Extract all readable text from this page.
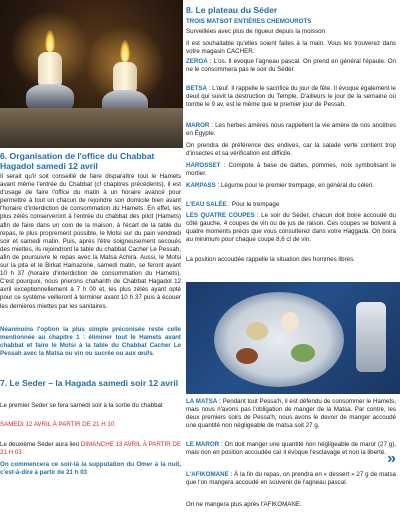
6. Organisation de l'office du Chabbat Hagadol samedi 12 avril

Il serait qu'il soit conseillé de faire disparaître tout le Hamets avant même l'entrée du Chabbat (cf chapitres précédents), il est d'usage de faire l'office du matin à un horaire avancé pour permettre à tout un chacun de rejoindre son domicile bien avant l'horaire d'interdiction de consommation du Hamets. En effet, les plus zélés conserveront à l'entrée du chabbat des pitot (Hamets) afin de faire dans un coin de la maison, à l'écart de la table du repas, le plus proprement possible, le Motsi sur du pain vendredi soir et samedi matin. Puis, après l'être soigneusement secoués des miettes, ils rejoindront la table du chabbat Cacher Le Pessah, afin de poursuivre le repas avec la Matsa Achira. Aussi, le Motsi sur la pita et le Birkat Hamazone, samedi matin, se feront avant 10 h 37 (horaire d'interdiction de consommation du Hamets). C'est pourquoi, nous prierons chaharith de Chabbat Hagadol 12 avril exceptionnellement à 7 h 00 et, les plus zélés ayant opté pour ce système veilleront à terminer avant 10 h 37 puis à écouer les dernières miettes par les sanitaires.

Néanmoins l'option la plus simple préconisée reste celle mentionnée au chapitre 1 : éliminer tout le Hamets avant chabbat et faire le Motsi à la table du Chabbat Cacher Le Pessah avec la Matsa ou vin ou sucrée ou aux œufs.

7. Le Seder – la Hagada samedi soir 12 avril

Le premier Seder se fera samedi soir à la sortie du chabbat

SAMEDI 12 AVRIL À PARTIR DE 21 H 10

Le deuxième Séder aura lieu DIMANCHE 13 AVRIL À PARTIR DE 21 H 03

On commencera ce soir-là la supputation du Omer à la nuit, c'est-à-dire à partir de 21 h 03

8. Le plateau du Séder

TROIS MATSOT ENTIÈRES CHEMOUROTS

Surveillées avec plus de rigueur depuis la moisson

Il est souhaitable qu'elles soient faites à la main. Vous les trouverez dans votre magasin CACHER.

ZEROA : L'os. Il évoque l'agneau pascal. On prend en général l'épaule. On ne le consommera pas le soir du Séder.

BETSA : L'œuf. Il rappelle le sacrifice du jour de fête. Il évoque également le deuil qui suivit la destruction du Temple. D'ailleurs le jour de la semaine où tombe le 9 av, est le même que le premier jour de Pessah.

MAROR : Les herbes amères nous rappellent la vie amère de nos ancêtres en Égypte.

On prendra de préférence des endives, car la salade verte contient trop d'insectes et sa vérification est difficile.

HAROSSET : Compote à base de dattes, pommes, noix symbolisant le mortier.

KARPASS : Légume pour le premier trempage, en général du céleri.

L'EAU SALÉE : Pour le trempage

LES QUATRE COUPES : Le soir du Séder, chacun doit boire accoudé du côté gauche, 4 coupes de vin ou de jus de raison. Ces coupes se boivent à quatre moments précis que vous consulterez dans votre Haggada. On boira au minimum pour chaque coupe 8,6 cl de vin.

La position accoudée rappelle la situation des hommes libres.

LA MATSA : Pendant tout Pessa'h, il est défendu de consommer le Hamets, mais nous n'avons pas l'obligation de manger de la Matsa. Par contre, les deux premiers soirs de Pessa'h, nous avons le devoir de manger accoudé une quantité non négligeable de matsa soit 27 g.

LE MAROR : On doit manger une quantité non négligeable de maror (27 g), mais non en position accoudée car il évoque l'esclavage et non la liberté.

L'AFIKOMANE : À la fin du repas, on prendra en « dessert » 27 g de matsa que l'on mangera accoudé en souvenir de l'agneau pascal.

On ne mangera plus après l'AFIKOMANE.

»
